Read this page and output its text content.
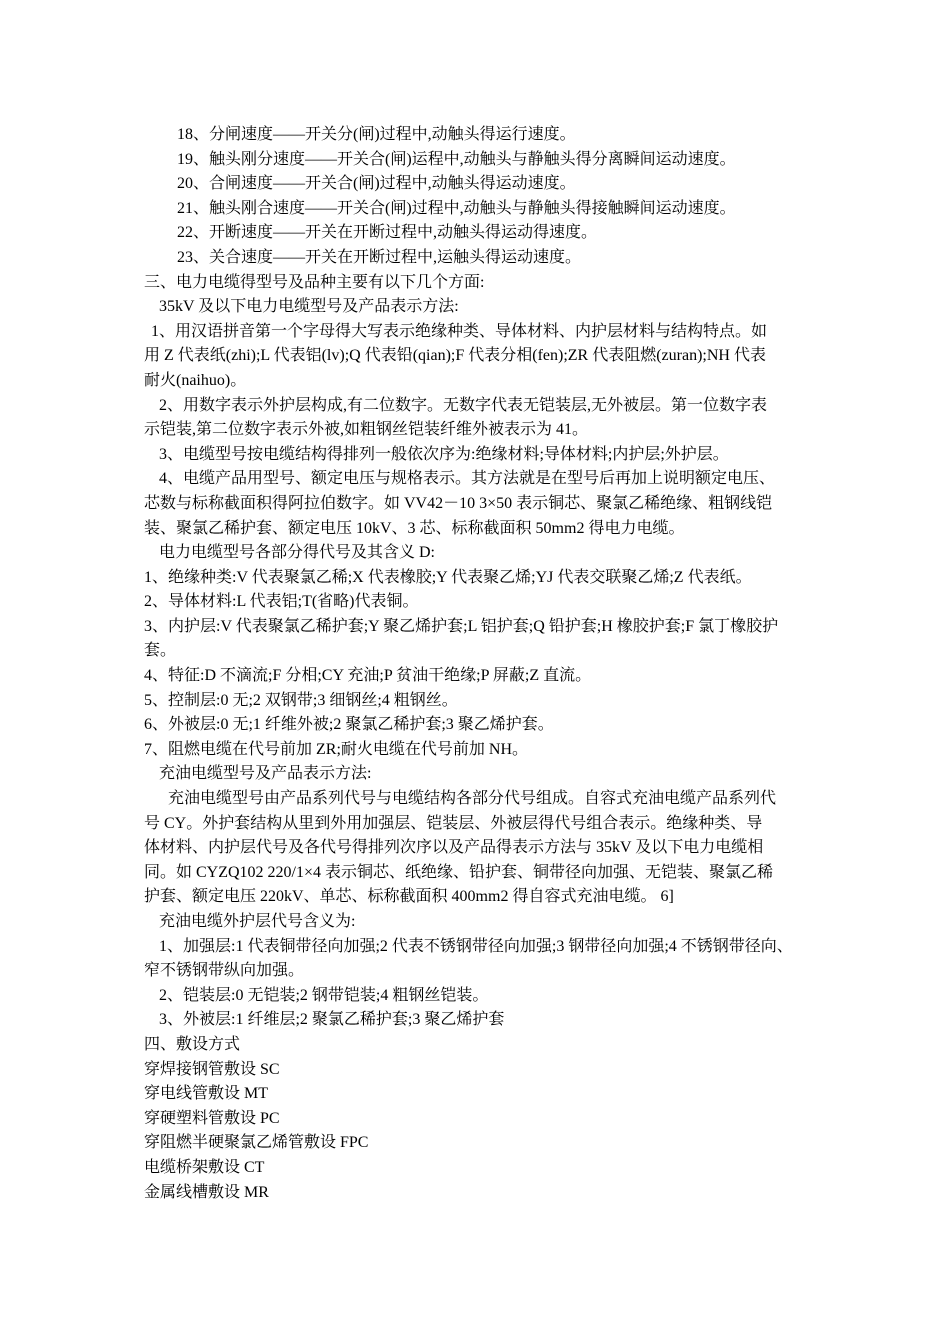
18、分闸速度——开关分(闸)过程中,动触头得运行速度。
19、触头刚分速度——开关合(闸)运程中,动触头与静触头得分离瞬间运动速度。
20、合闸速度——开关合(闸)过程中,动触头得运动速度。
21、触头刚合速度——开关合(闸)过程中,动触头与静触头得接触瞬间运动速度。
22、开断速度——开关在开断过程中,动触头得运动得速度。
23、关合速度——开关在开断过程中,运触头得运动速度。
三、电力电缆得型号及品种主要有以下几个方面:
35kV 及以下电力电缆型号及产品表示方法:
1、用汉语拼音第一个字母得大写表示绝缘种类、导体材料、内护层材料与结构特点。如
用 Z 代表纸(zhi);L 代表铝(lv);Q 代表铅(qian);F 代表分相(fen);ZR 代表阻燃(zuran);NH 代表
耐火(naihuo)。
2、用数字表示外护层构成,有二位数字。无数字代表无铠装层,无外被层。第一位数字表
示铠装,第二位数字表示外被,如粗钢丝铠装纤维外被表示为 41。
3、电缆型号按电缆结构得排列一般依次序为:绝缘材料;导体材料;内护层;外护层。
4、电缆产品用型号、额定电压与规格表示。其方法就是在型号后再加上说明额定电压、
芯数与标称截面积得阿拉伯数字。如 VV42－10 3×50 表示铜芯、聚氯乙稀绝缘、粗钢线铠
装、聚氯乙稀护套、额定电压 10kV、3 芯、标称截面积 50mm2 得电力电缆。
电力电缆型号各部分得代号及其含义 D:
1、绝缘种类:V 代表聚氯乙稀;X 代表橡胶;Y 代表聚乙烯;YJ 代表交联聚乙烯;Z 代表纸。
2、导体材料:L 代表铝;T(省略)代表铜。
3、内护层:V 代表聚氯乙稀护套;Y 聚乙烯护套;L 铝护套;Q 铅护套;H 橡胶护套;F 氯丁橡胶护
套。
4、特征:D 不滴流;F 分相;CY 充油;P 贫油干绝缘;P 屏蔽;Z 直流。
5、控制层:0 无;2 双钢带;3 细钢丝;4 粗钢丝。
6、外被层:0 无;1 纤维外被;2 聚氯乙稀护套;3 聚乙烯护套。
7、阻燃电缆在代号前加 ZR;耐火电缆在代号前加 NH。
充油电缆型号及产品表示方法:
充油电缆型号由产品系列代号与电缆结构各部分代号组成。自容式充油电缆产品系列代
号 CY。外护套结构从里到外用加强层、铠装层、外被层得代号组合表示。绝缘种类、导
体材料、内护层代号及各代号得排列次序以及产品得表示方法与 35kV 及以下电力电缆相
同。如 CYZQ102 220/1×4 表示铜芯、纸绝缘、铅护套、铜带径向加强、无铠装、聚氯乙稀
护套、额定电压 220kV、单芯、标称截面积 400mm2 得自容式充油电缆。 6]
充油电缆外护层代号含义为:
1、加强层:1 代表铜带径向加强;2 代表不锈钢带径向加强;3 钢带径向加强;4 不锈钢带径向、
窄不锈钢带纵向加强。
2、铠装层:0 无铠装;2 钢带铠装;4 粗钢丝铠装。
3、外被层:1 纤维层;2 聚氯乙稀护套;3 聚乙烯护套
四、敷设方式
穿焊接钢管敷设 SC
穿电线管敷设 MT
穿硬塑料管敷设 PC
穿阻燃半硬聚氯乙烯管敷设 FPC
电缆桥架敷设 CT
金属线槽敷设 MR
